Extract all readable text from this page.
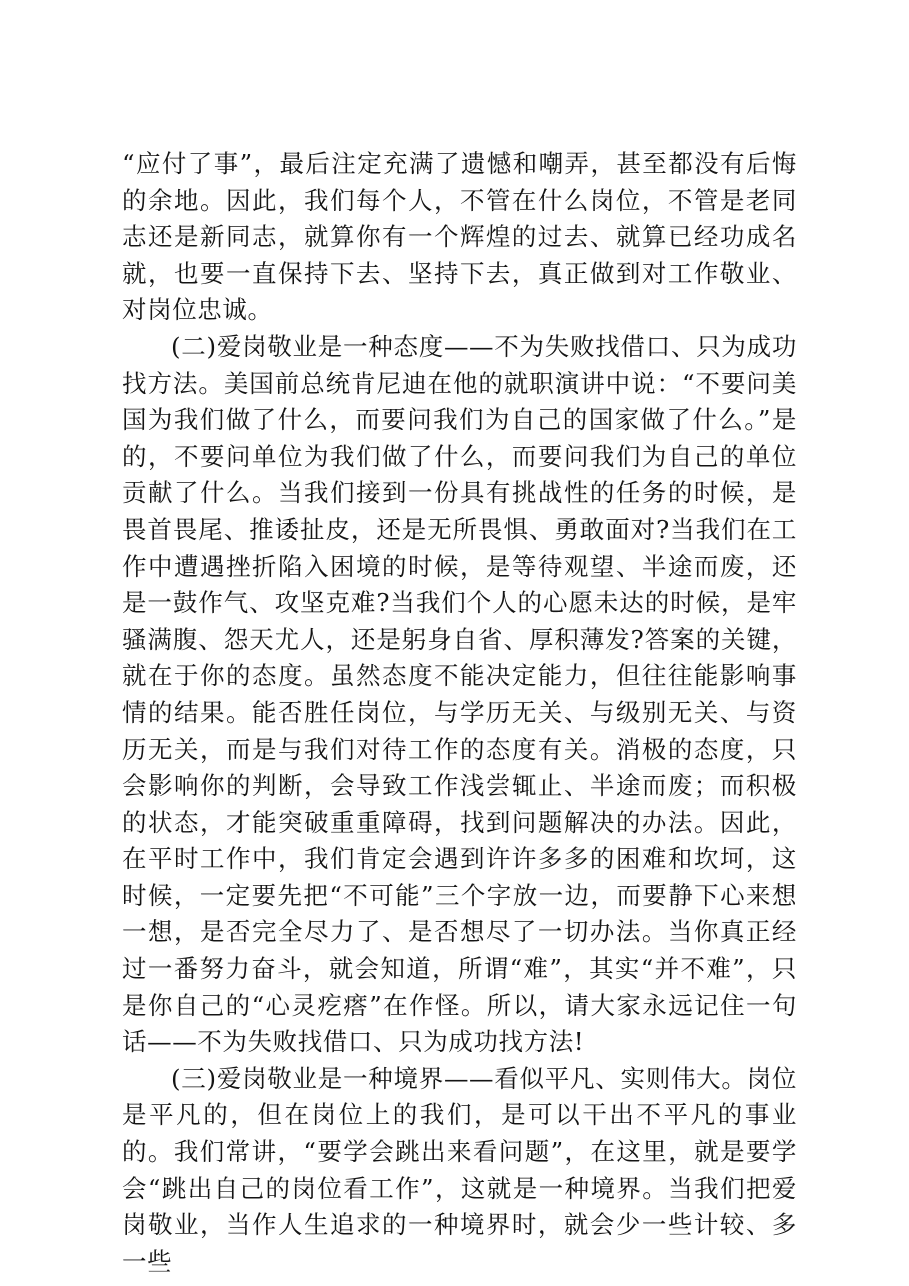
“应付了事”，最后注定充满了遗憾和嘲弄，甚至都没有后悔的余地。因此，我们每个人，不管在什么岗位，不管是老同志还是新同志，就算你有一个辉煌的过去、就算已经功成名就，也要一直保持下去、坚持下去，真正做到对工作敬业、对岗位忠诚。

(二)爱岗敬业是一种态度——不为失败找借口、只为成功找方法。美国前总统肯尼迪在他的就职演讲中说：“不要问美国为我们做了什么，而要问我们为自己的国家做了什么。”是的，不要问单位为我们做了什么，而要问我们为自己的单位贡献了什么。当我们接到一份具有挑战性的任务的时候，是畏首畏尾、推诿扯皮，还是无所畏惧、勇敢面对?当我们在工作中遭遇挫折陷入困境的时候，是等待观望、半途而废，还是一鼓作气、攻坚克难?当我们个人的心愿未达的时候，是牢骚满腹、怨天尤人，还是躬身自省、厚积薄发?答案的关键，就在于你的态度。虽然态度不能决定能力，但往往能影响事情的结果。能否胜任岗位，与学历无关、与级别无关、与资历无关，而是与我们对待工作的态度有关。消极的态度，只会影响你的判断，会导致工作浅尝辄止、半途而废；而积极的状态，才能突破重重障碍，找到问题解决的办法。因此，在平时工作中，我们肯定会遇到许许多多的困难和坎坷，这时候，一定要先把“不可能”三个字放一边，而要静下心来想一想，是否完全尽力了、是否想尽了一切办法。当你真正经过一番努力奋斗，就会知道，所谓“难”，其实“并不难”，只是你自己的“心灵疙瘩”在作怪。所以，请大家永远记住一句话——不为失败找借口、只为成功找方法!

(三)爱岗敬业是一种境界——看似平凡、实则伟大。岗位是平凡的，但在岗位上的我们，是可以干出不平凡的事业的。我们常讲，“要学会跳出来看问题”，在这里，就是要学会“跳出自己的岗位看工作”，这就是一种境界。当我们把爱岗敬业，当作人生追求的一种境界时，就会少一些计较、多一些
